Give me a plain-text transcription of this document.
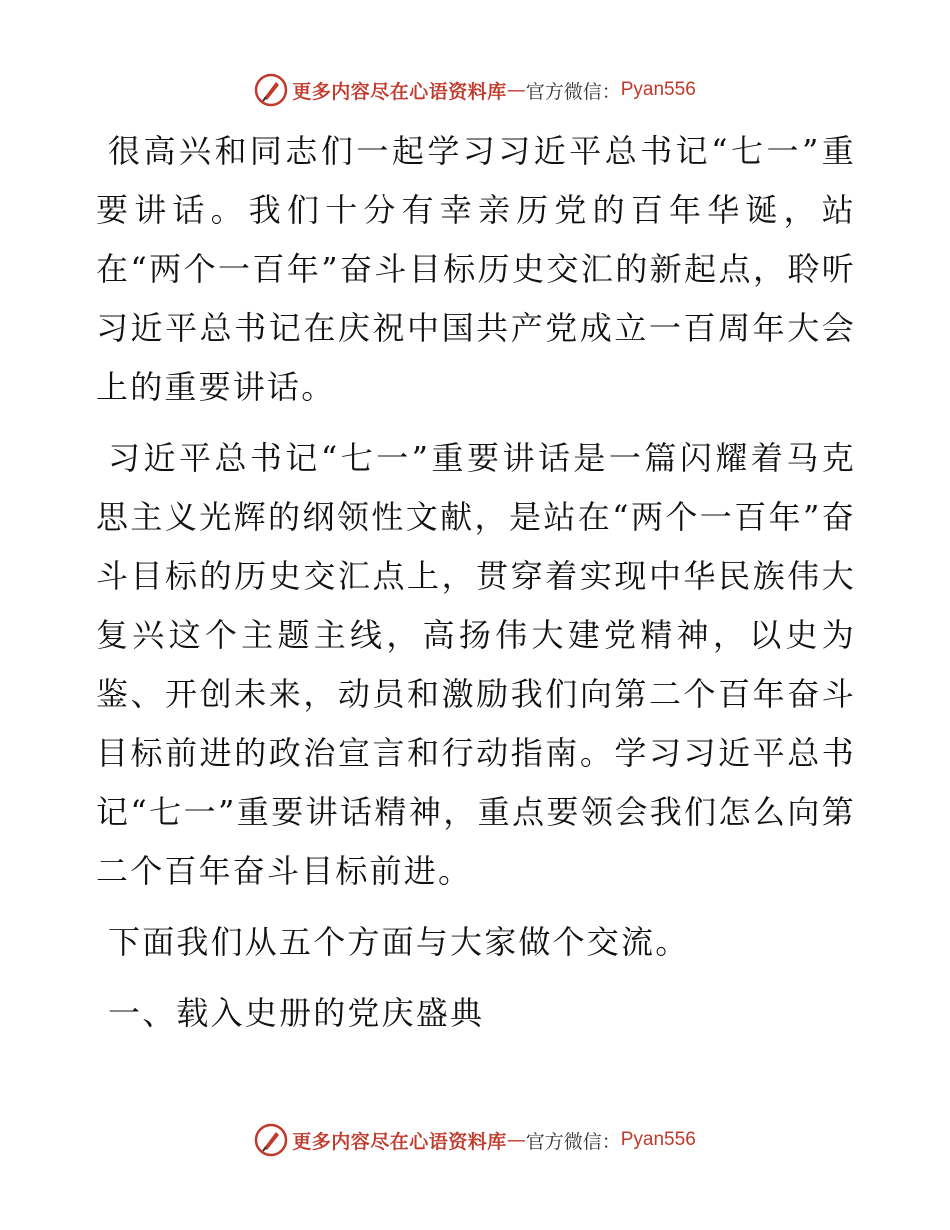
更多内容尽在心语资料库 — 官方微信： Pyan556

很高兴和同志们一起学习习近平总书记“七一”重要讲话。我们十分有幸亲历党的百年华诞，站在“两个一百年”奋斗目标历史交汇的新起点，聆听习近平总书记在庆祝中国共产党成立一百周年大会上的重要讲话。

习近平总书记“七一”重要讲话是一篇闪耀着马克思主义光辉的纲领性文献，是站在“两个一百年”奋斗目标的历史交汇点上，贯穿着实现中华民族伟大复兴这个主题主线，高扬伟大建党精神，以史为鉴、开创未来，动员和激励我们向第二个百年奋斗目标前进的政治宣言和行动指南。学习习近平总书记“七一”重要讲话精神，重点要领会我们怎么向第二个百年奋斗目标前进。

下面我们从五个方面与大家做个交流。

一、载入史册的党庆盛典

更多内容尽在心语资料库 — 官方微信： Pyan556
